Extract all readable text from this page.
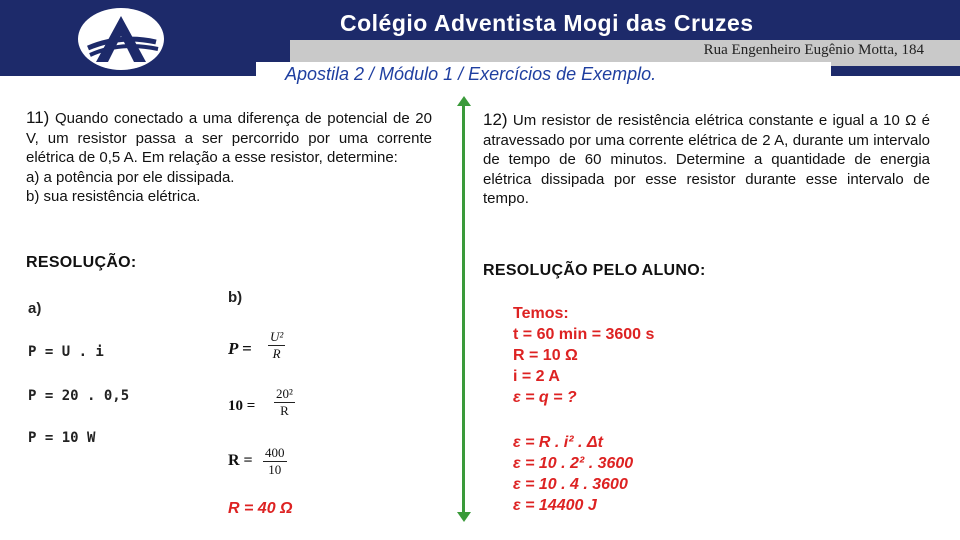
Colégio Adventista Mogi das Cruzes
Rua Engenheiro Eugênio Motta, 184
Apostila 2 / Módulo 1 / Exercícios de Exemplo.
11) Quando conectado a uma diferença de potencial de 20 V, um resistor passa a ser percorrido por uma corrente elétrica de 0,5 A. Em relação a esse resistor, determine:
a) a potência por ele dissipada.
b) sua resistência elétrica.
RESOLUÇÃO:
a)
P = U . i
P = 20 . 0,5
P = 10 W
b)
$P = \frac{\text{U²}}{R}$
$10 = \frac{\text{20²}}{R}$
$R = \frac{400}{10}$
R = 40 Ω
12) Um resistor de resistência elétrica constante e igual a 10 Ω é atravessado por uma corrente elétrica de 2 A, durante um intervalo de tempo de 60 minutos. Determine a quantidade de energia elétrica dissipada por esse resistor durante esse intervalo de tempo.
RESOLUÇÃO PELO ALUNO:
Temos:
t = 60 min = 3600 s
R = 10 Ω
i = 2 A
ε = q = ?
ε = R . i² . Δt
ε = 10 . 2² . 3600
ε = 10 . 4 . 3600
ε = 14400 J
